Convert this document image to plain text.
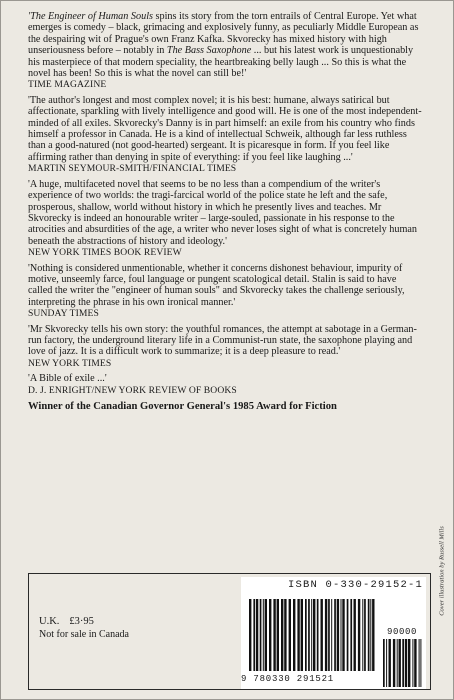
'The Engineer of Human Souls spins its story from the torn entrails of Central Europe. Yet what emerges is comedy – black, grimacing and explosively funny, as peculiarly Middle European as the despairing wit of Prague's own Franz Kafka. Skvorecky has mixed history with high unseriousness before – notably in The Bass Saxophone ... but his latest work is unquestionably his masterpiece of that modern speciality, the heartbreaking belly laugh ... So this is what the novel has been! So this is what the novel can still be!'

TIME MAGAZINE

'The author's longest and most complex novel; it is his best: humane, always satirical but affectionate, sparkling with lively intelligence and good will. He is one of the most independent-minded of all exiles. Skvorecky's Danny is in part himself: an exile from his country who finds himself a professor in Canada. He is a kind of intellectual Schweik, although far less ruthless than a good-natured (not good-hearted) sergeant. It is picaresque in form. If you feel like affirming rather than denying in spite of everything: if you feel like laughing ...'

MARTIN SEYMOUR-SMITH/FINANCIAL TIMES

'A huge, multifaceted novel that seems to be no less than a compendium of the writer's experience of two worlds: the tragi-farcical world of the police state he left and the safe, prosperous, shallow, world without history in which he presently lives and teaches. Mr Skvorecky is indeed an honourable writer – large-souled, passionate in his response to the atrocities and absurdities of the age, a writer who never loses sight of what is concretely human beneath the abstractions of history and ideology.'

NEW YORK TIMES BOOK REVIEW

'Nothing is considered unmentionable, whether it concerns dishonest behaviour, impurity of motive, unseemly farce, foul language or pungent scatological detail. Stalin is said to have called the writer the "engineer of human souls" and Skvorecky takes the challenge seriously, interpreting the phrase in his own ironical manner.'

SUNDAY TIMES

'Mr Skvorecky tells his own story: the youthful romances, the attempt at sabotage in a German-run factory, the underground literary life in a Communist-run state, the saxophone playing and love of jazz. It is a difficult work to summarize; it is a deep pleasure to read.'

NEW YORK TIMES

'A Bible of exile ...'

D. J. ENRIGHT/NEW YORK REVIEW OF BOOKS

Winner of the Canadian Governor General's 1985 Award for Fiction

Cover illustration by Russell Mills
U.K. £3·95
Not for sale in Canada
ISBN 0-330-29152-1
90000
9 780330 291521
